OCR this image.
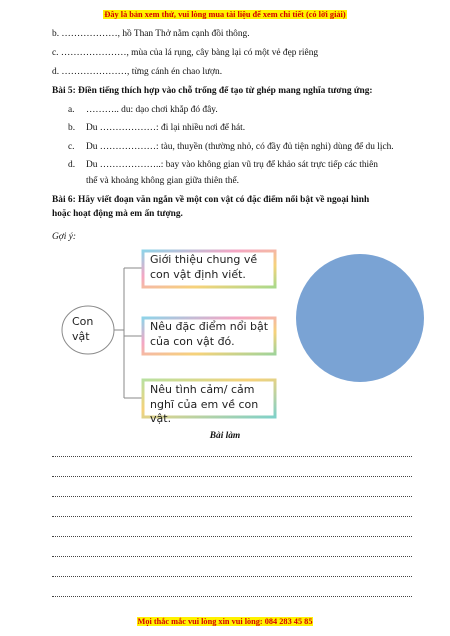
Đây là bản xem thử, vui lòng mua tài liệu để xem chi tiết (có lời giải)
b. ………………, hồ Than Thở nằm cạnh đồi thông.
c. …………………, mùa của lá rụng, cây bàng lại có một vẻ đẹp riêng
d. …………………, từng cánh én chao lượn.
Bài 5: Điền tiếng thích hợp vào chỗ trống để tạo từ ghép mang nghĩa tương ứng:
a. ……….. du: dạo chơi khắp đó đây.
b. Du ………………: đi lại nhiều nơi để hát.
c. Du ………………: tàu, thuyền (thường nhỏ, có đầy đủ tiện nghi) dùng để du lịch.
d. Du ………………..: bay vào không gian vũ trụ để khảo sát trực tiếp các thiên
thể và khoảng không gian giữa thiên thể.
Bài 6: Hãy viết đoạn văn ngắn về một con vật có đặc điểm nổi bật về ngoại hình
hoặc hoạt động mà em ấn tượng.
Gợi ý:
Con
vật
Giới thiệu chung về
con vật định viết.
Nêu đặc điểm nổi bật
của con vật đó.
Nêu tình cảm/ cảm
nghĩ của em về con
vật.
Bài làm
Mọi thắc mắc vui lòng xin vui lòng: 084 283 45 85
